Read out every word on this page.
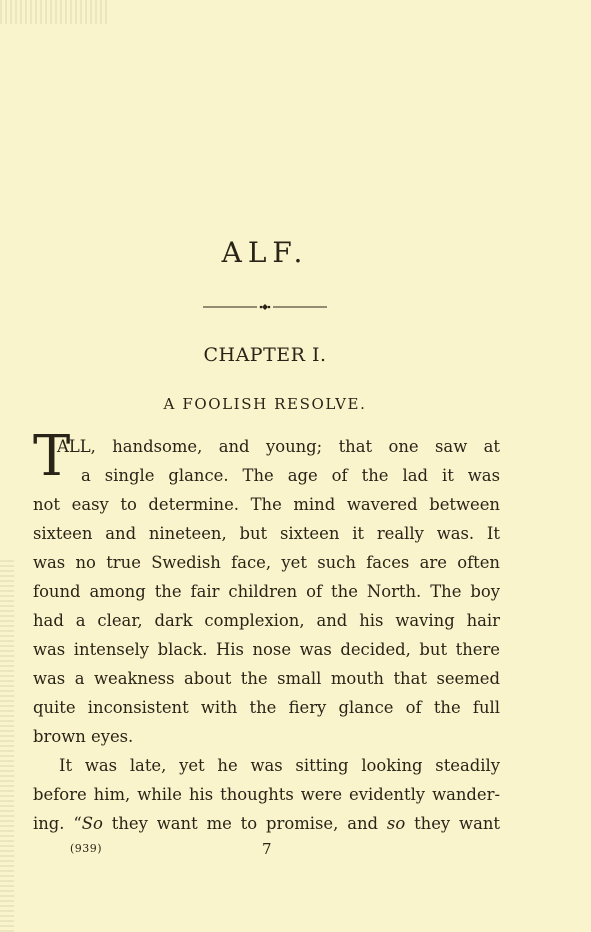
ALF.
CHAPTER I.
A FOOLISH RESOLVE.
T
ALL, handsome, and young; that one saw at
a single glance. The age of the lad it was
not easy to determine. The mind wavered between
sixteen and nineteen, but sixteen it really was. It
was no true Swedish face, yet such faces are often
found among the fair children of the North. The boy
had a clear, dark complexion, and his waving hair
was intensely black. His nose was decided, but there
was a weakness about the small mouth that seemed
quite inconsistent with the fiery glance of the full
brown eyes.
It was late, yet he was sitting looking steadily
before him, while his thoughts were evidently wander-
ing. “So they want me to promise, and so they want
(939)	7
